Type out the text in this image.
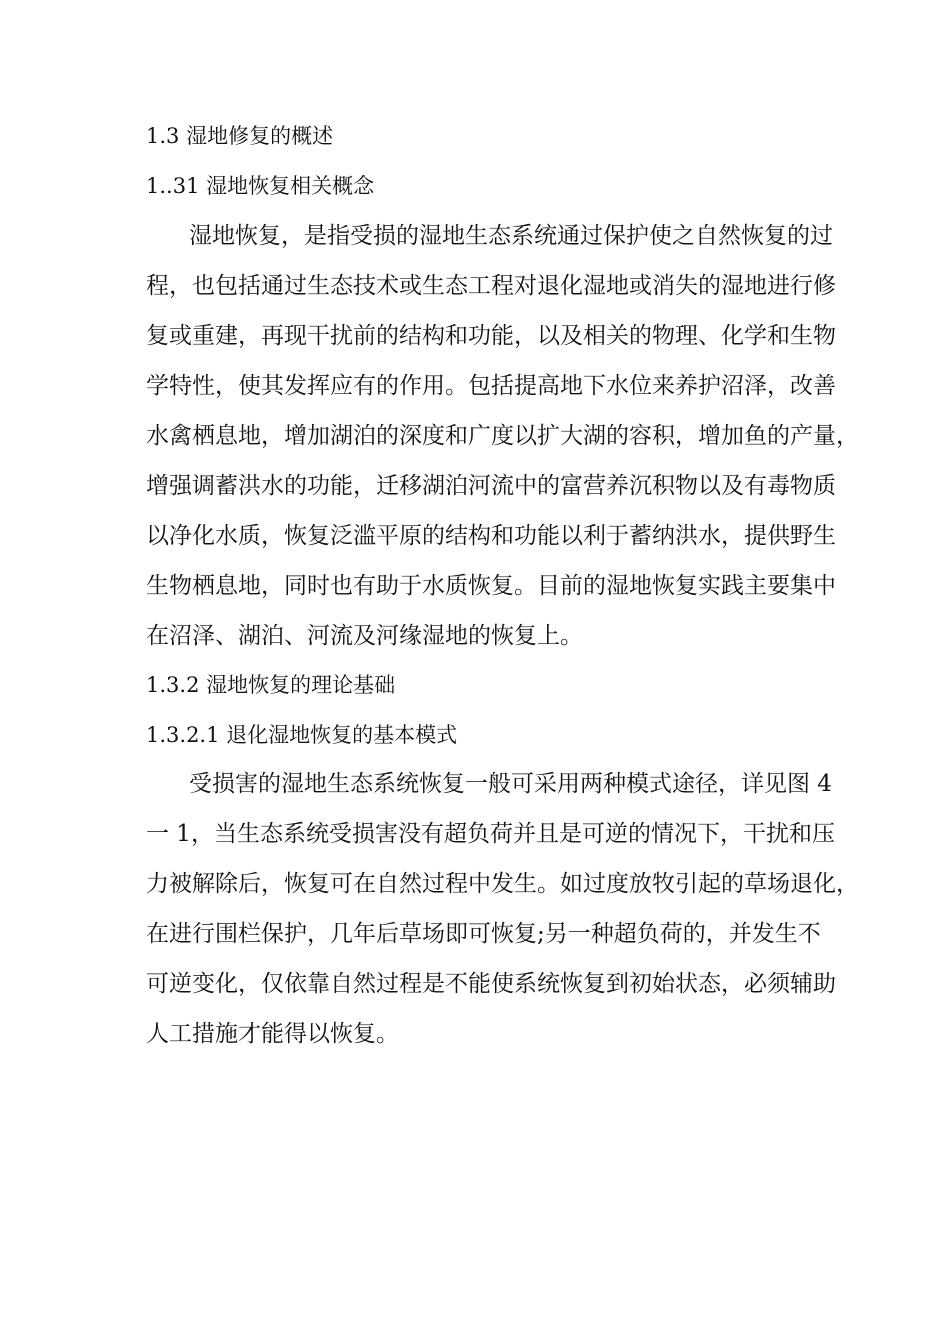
1.3 湿地修复的概述
1..31 湿地恢复相关概念
湿地恢复，是指受损的湿地生态系统通过保护使之自然恢复的过
程，也包括通过生态技术或生态工程对退化湿地或消失的湿地进行修
复或重建，再现干扰前的结构和功能，以及相关的物理、化学和生物
学特性，使其发挥应有的作用。包括提高地下水位来养护沼泽，改善
水禽栖息地，增加湖泊的深度和广度以扩大湖的容积，增加鱼的产量，
增强调蓄洪水的功能，迁移湖泊河流中的富营养沉积物以及有毒物质
以净化水质，恢复泛滥平原的结构和功能以利于蓄纳洪水，提供野生
生物栖息地，同时也有助于水质恢复。目前的湿地恢复实践主要集中
在沼泽、湖泊、河流及河缘湿地的恢复上。
1.3.2 湿地恢复的理论基础
1.3.2.1 退化湿地恢复的基本模式
受损害的湿地生态系统恢复一般可采用两种模式途径，详见图 4
一 1，当生态系统受损害没有超负荷并且是可逆的情况下，干扰和压
力被解除后，恢复可在自然过程中发生。如过度放牧引起的草场退化，
在进行围栏保护，几年后草场即可恢复;另一种超负荷的，并发生不
可逆变化，仅依靠自然过程是不能使系统恢复到初始状态，必须辅助
人工措施才能得以恢复。
